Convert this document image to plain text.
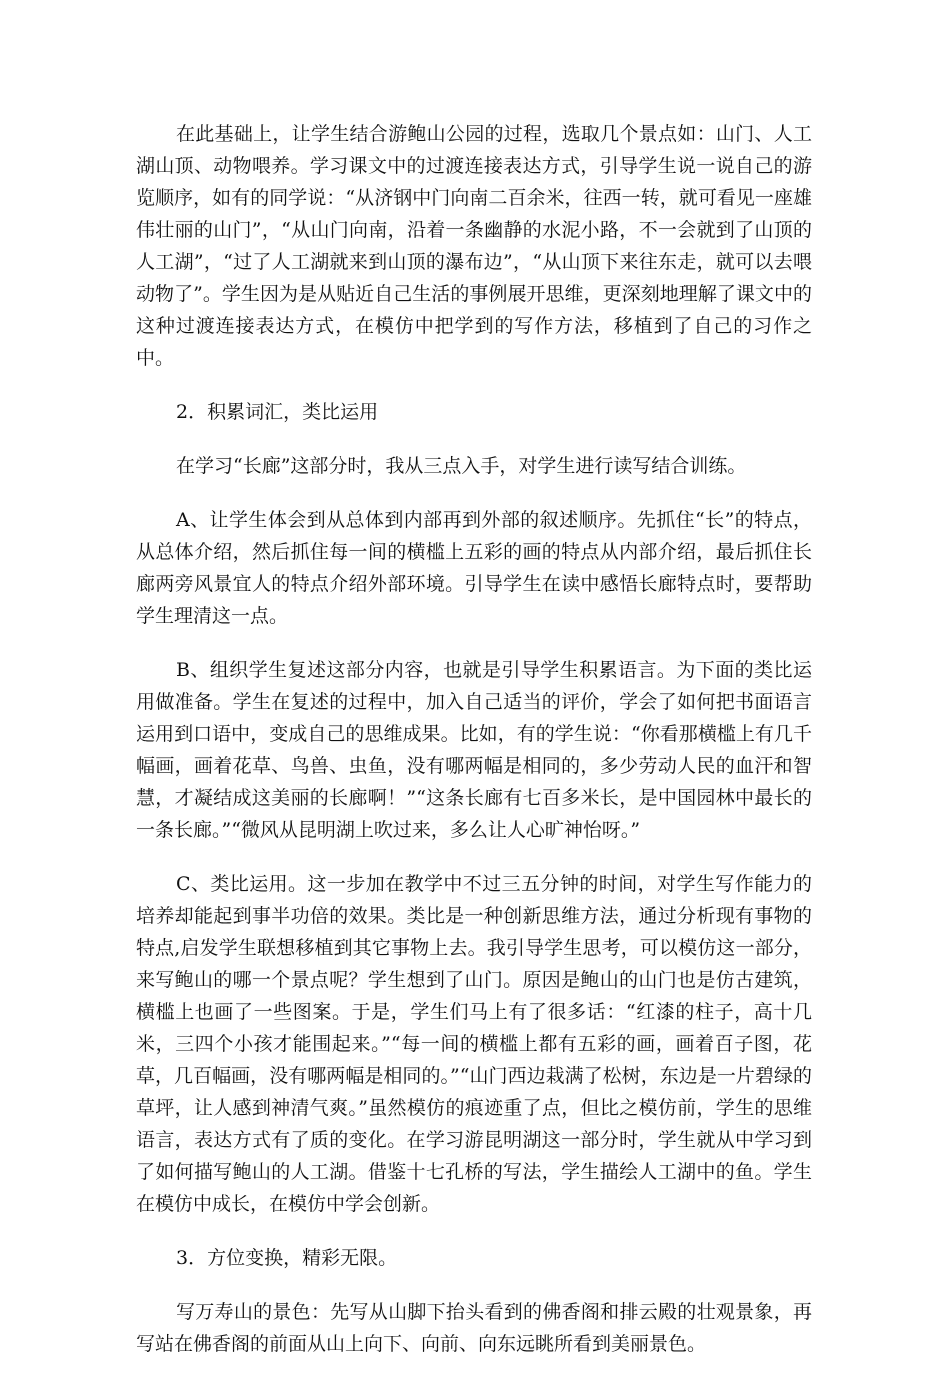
在此基础上，让学生结合游鲍山公园的过程，选取几个景点如：山门、人工湖山顶、动物喂养。学习课文中的过渡连接表达方式，引导学生说一说自己的游览顺序，如有的同学说：“从济钢中门向南二百余米，往西一转，就可看见一座雄伟壮丽的山门”，“从山门向南，沿着一条幽静的水泥小路，不一会就到了山顶的人工湖”，“过了人工湖就来到山顶的瀑布边”，“从山顶下来往东走，就可以去喂动物了”。学生因为是从贴近自己生活的事例展开思维，更深刻地理解了课文中的这种过渡连接表达方式，在模仿中把学到的写作方法，移植到了自己的习作之中。

2．积累词汇，类比运用

在学习“长廊”这部分时，我从三点入手，对学生进行读写结合训练。

A、让学生体会到从总体到内部再到外部的叙述顺序。先抓住“长”的特点，从总体介绍，然后抓住每一间的横槛上五彩的画的特点从内部介绍，最后抓住长廊两旁风景宜人的特点介绍外部环境。引导学生在读中感悟长廊特点时，要帮助学生理清这一点。

B、组织学生复述这部分内容，也就是引导学生积累语言。为下面的类比运用做准备。学生在复述的过程中，加入自己适当的评价，学会了如何把书面语言运用到口语中，变成自己的思维成果。比如，有的学生说：“你看那横槛上有几千幅画，画着花草、鸟兽、虫鱼，没有哪两幅是相同的，多少劳动人民的血汗和智慧，才凝结成这美丽的长廊啊！”“这条长廊有七百多米长，是中国园林中最长的一条长廊。”“微风从昆明湖上吹过来，多么让人心旷神怡呀。”

C、类比运用。这一步加在教学中不过三五分钟的时间，对学生写作能力的培养却能起到事半功倍的效果。类比是一种创新思维方法，通过分析现有事物的特点,启发学生联想移植到其它事物上去。我引导学生思考，可以模仿这一部分，来写鲍山的哪一个景点呢？学生想到了山门。原因是鲍山的山门也是仿古建筑，横槛上也画了一些图案。于是，学生们马上有了很多话：“红漆的柱子，高十几米，三四个小孩才能围起来。”“每一间的横槛上都有五彩的画，画着百子图，花草，几百幅画，没有哪两幅是相同的。”“山门西边栽满了松树，东边是一片碧绿的草坪，让人感到神清气爽。”虽然模仿的痕迹重了点，但比之模仿前，学生的思维语言，表达方式有了质的变化。在学习游昆明湖这一部分时，学生就从中学习到了如何描写鲍山的人工湖。借鉴十七孔桥的写法，学生描绘人工湖中的鱼。学生在模仿中成长，在模仿中学会创新。

3．方位变换，精彩无限。

写万寿山的景色：先写从山脚下抬头看到的佛香阁和排云殿的壮观景象，再写站在佛香阁的前面从山上向下、向前、向东远眺所看到美丽景色。
